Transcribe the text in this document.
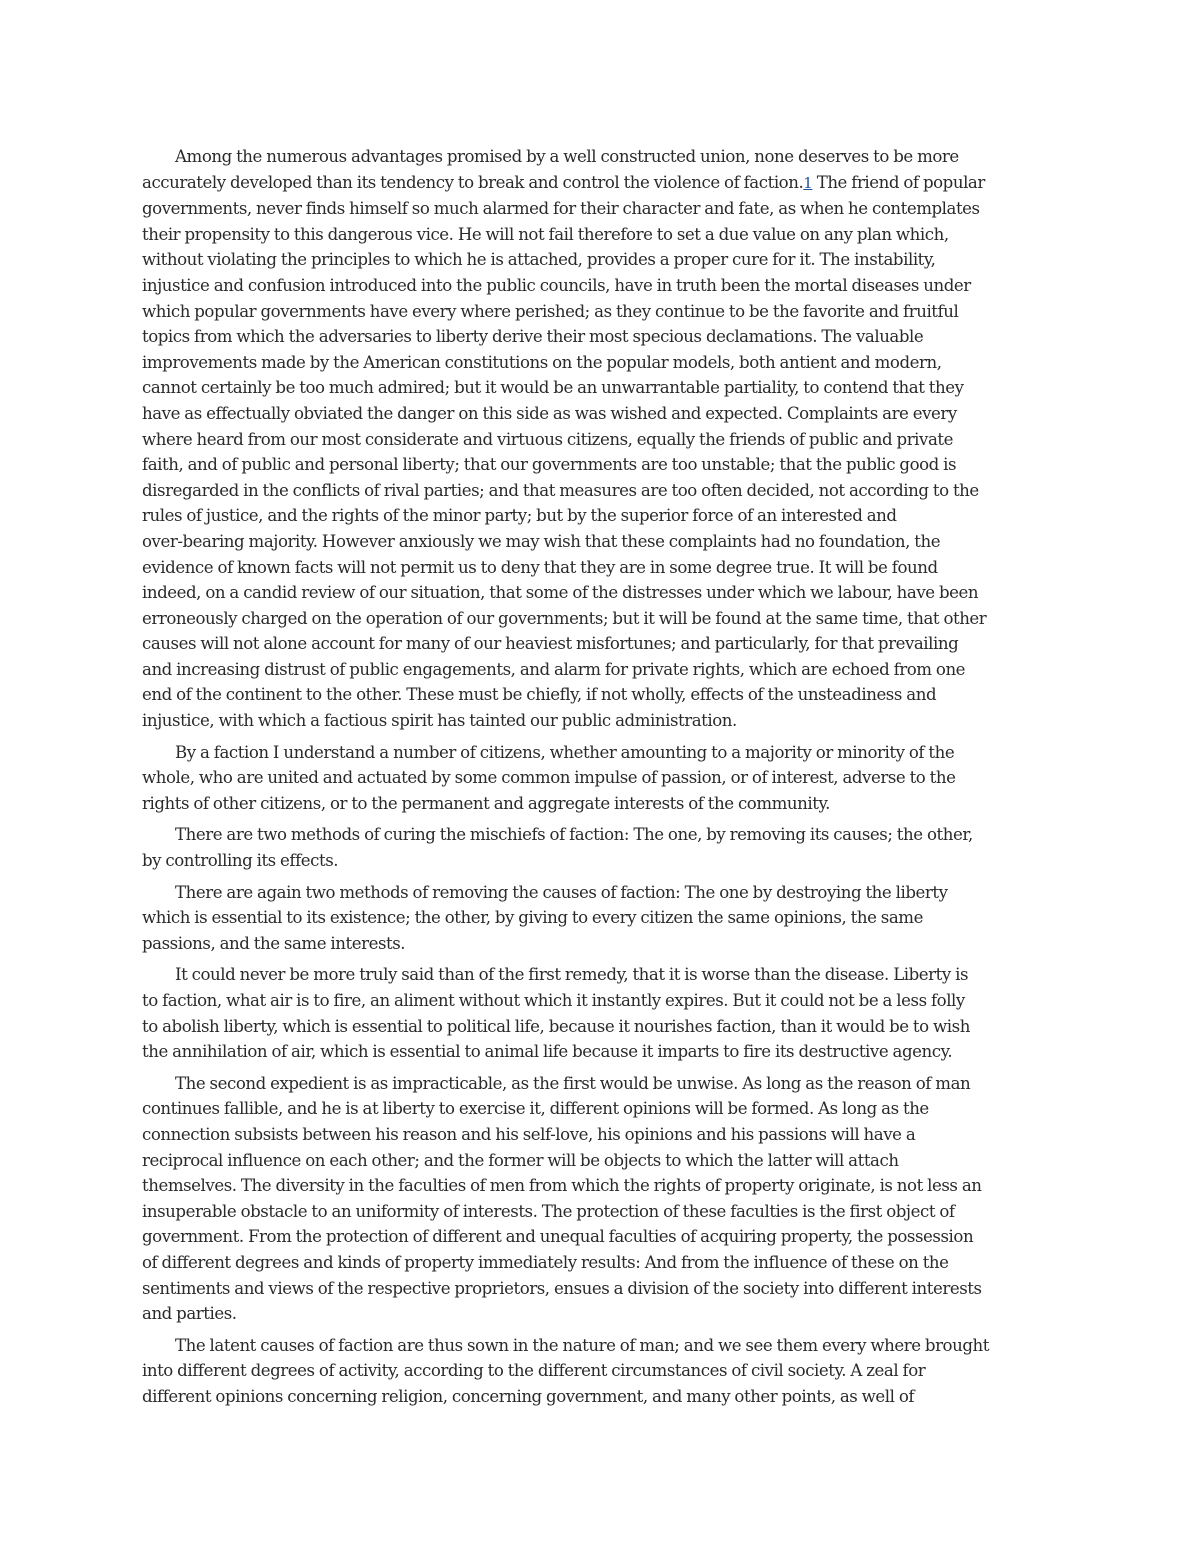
Among the numerous advantages promised by a well constructed union, none deserves to be more
accurately developed than its tendency to break and control the violence of faction.1 The friend of popular
governments, never finds himself so much alarmed for their character and fate, as when he contemplates
their propensity to this dangerous vice. He will not fail therefore to set a due value on any plan which,
without violating the principles to which he is attached, provides a proper cure for it. The instability,
injustice and confusion introduced into the public councils, have in truth been the mortal diseases under
which popular governments have every where perished; as they continue to be the favorite and fruitful
topics from which the adversaries to liberty derive their most specious declamations. The valuable
improvements made by the American constitutions on the popular models, both antient and modern,
cannot certainly be too much admired; but it would be an unwarrantable partiality, to contend that they
have as effectually obviated the danger on this side as was wished and expected. Complaints are every
where heard from our most considerate and virtuous citizens, equally the friends of public and private
faith, and of public and personal liberty; that our governments are too unstable; that the public good is
disregarded in the conflicts of rival parties; and that measures are too often decided, not according to the
rules of justice, and the rights of the minor party; but by the superior force of an interested and
over-bearing majority. However anxiously we may wish that these complaints had no foundation, the
evidence of known facts will not permit us to deny that they are in some degree true. It will be found
indeed, on a candid review of our situation, that some of the distresses under which we labour, have been
erroneously charged on the operation of our governments; but it will be found at the same time, that other
causes will not alone account for many of our heaviest misfortunes; and particularly, for that prevailing
and increasing distrust of public engagements, and alarm for private rights, which are echoed from one
end of the continent to the other. These must be chiefly, if not wholly, effects of the unsteadiness and
injustice, with which a factious spirit has tainted our public administration.
By a faction I understand a number of citizens, whether amounting to a majority or minority of the
whole, who are united and actuated by some common impulse of passion, or of interest, adverse to the
rights of other citizens, or to the permanent and aggregate interests of the community.
There are two methods of curing the mischiefs of faction: The one, by removing its causes; the other,
by controlling its effects.
There are again two methods of removing the causes of faction: The one by destroying the liberty
which is essential to its existence; the other, by giving to every citizen the same opinions, the same
passions, and the same interests.
It could never be more truly said than of the first remedy, that it is worse than the disease. Liberty is
to faction, what air is to fire, an aliment without which it instantly expires. But it could not be a less folly
to abolish liberty, which is essential to political life, because it nourishes faction, than it would be to wish
the annihilation of air, which is essential to animal life because it imparts to fire its destructive agency.
The second expedient is as impracticable, as the first would be unwise. As long as the reason of man
continues fallible, and he is at liberty to exercise it, different opinions will be formed. As long as the
connection subsists between his reason and his self-love, his opinions and his passions will have a
reciprocal influence on each other; and the former will be objects to which the latter will attach
themselves. The diversity in the faculties of men from which the rights of property originate, is not less an
insuperable obstacle to an uniformity of interests. The protection of these faculties is the first object of
government. From the protection of different and unequal faculties of acquiring property, the possession
of different degrees and kinds of property immediately results: And from the influence of these on the
sentiments and views of the respective proprietors, ensues a division of the society into different interests
and parties.
The latent causes of faction are thus sown in the nature of man; and we see them every where brought
into different degrees of activity, according to the different circumstances of civil society. A zeal for
different opinions concerning religion, concerning government, and many other points, as well of
